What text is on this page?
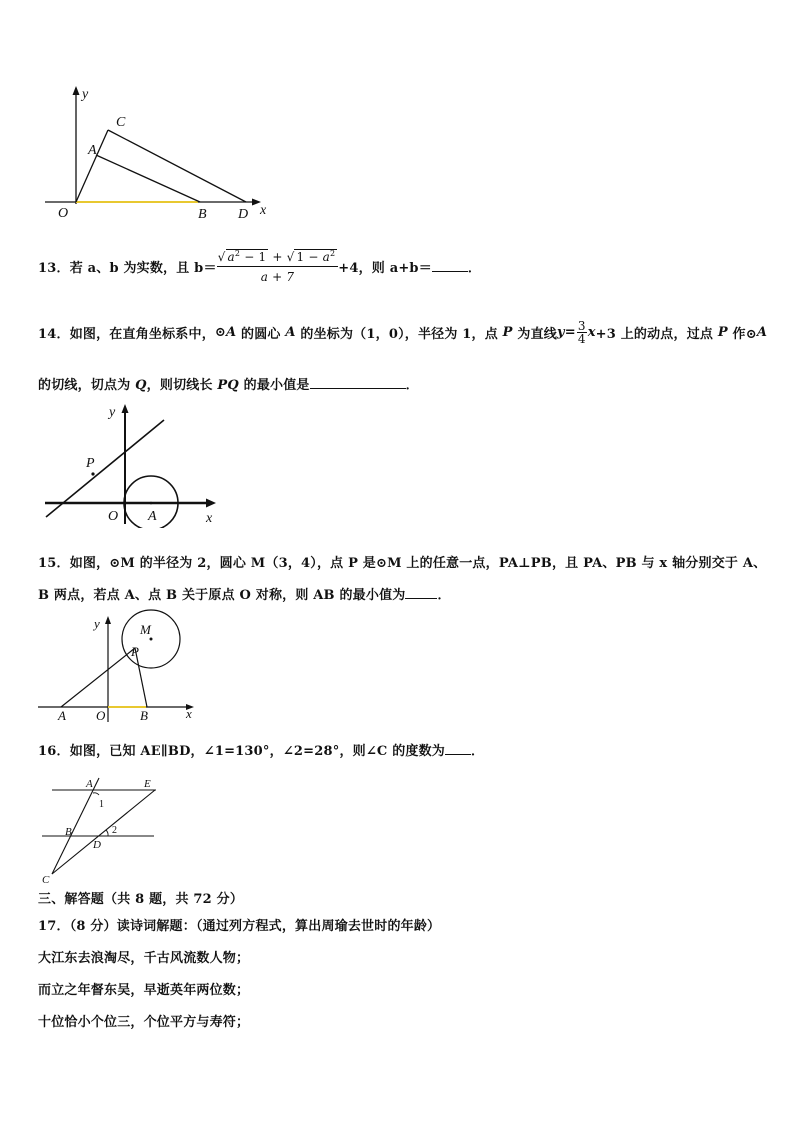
y
x
O
A
B
C
D
13．若 a、b 为实数，且 $b= \frac{√ a^2 - 1 + √ 1 - a^2}{a + 7} +4$，则 a+b＝	．
14．如图，在直角坐标系中，⊙A 的圆心 A 的坐标为（1，0），半径为 1，点 P 为直线$y= \frac{3}{4} x+3$ 上的动点，过点 P 作⊙A
的切线，切点为 Q，则切线长 PQ 的最小值是	．
y
x
O A
P
15．如图，⊙M 的半径为 2，圆心 M（3，4），点 P 是⊙M 上的任意一点，PA⊥PB，且 PA、PB 与 x 轴分别交于 A、
B 两点，若点 A、点 B 关于原点 O 对称，则 AB 的最小值为 ．
y
x
O
A	B
M
P
16．如图，已知 AE∥BD，∠1=130°，∠2=28°，则∠C 的度数为 ．
A	E
B
D
C
1
2
三、解答题（共 8 题，共 72 分）
17．（8 分）读诗词解题：（通过列方程式，算出周瑜去世时的年龄）
大江东去浪淘尽，千古风流数人物；
而立之年督东吴，早逝英年两位数；
十位恰小个位三，个位平方与寿符；
